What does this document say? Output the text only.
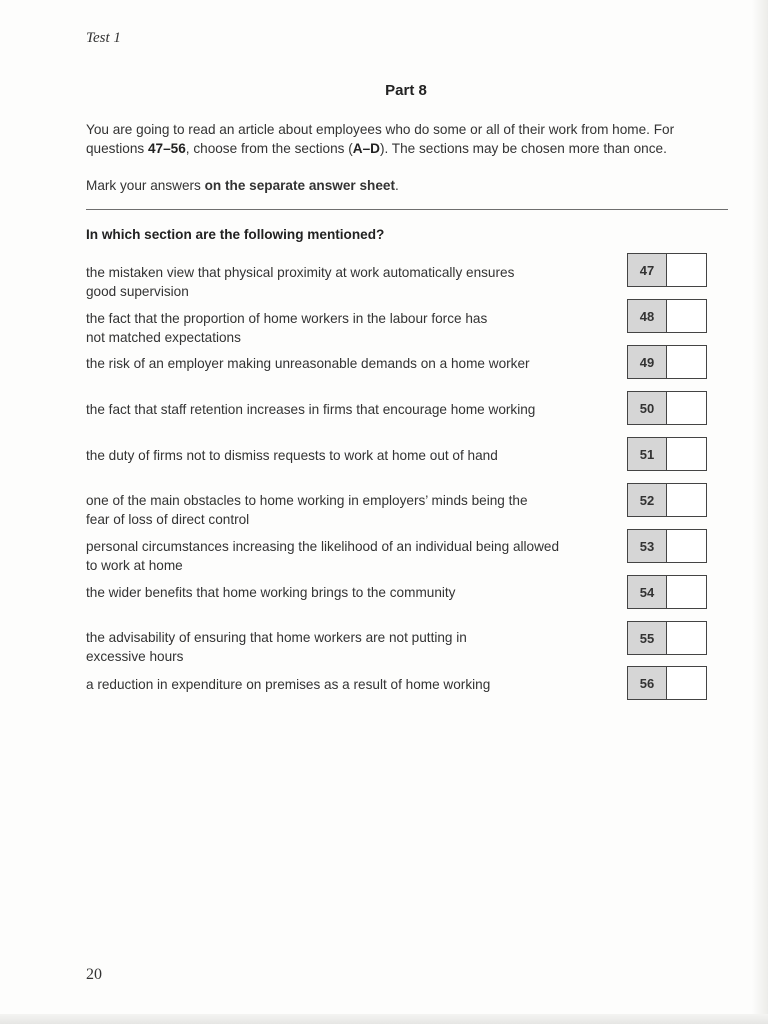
Test 1
Part 8
You are going to read an article about employees who do some or all of their work from home. For questions 47–56, choose from the sections (A–D). The sections may be chosen more than once.
Mark your answers on the separate answer sheet.
In which section are the following mentioned?
the mistaken view that physical proximity at work automatically ensures
good supervision
47
the fact that the proportion of home workers in the labour force has
not matched expectations
48
the risk of an employer making unreasonable demands on a home worker	49
the fact that staff retention increases in firms that encourage home working	50
the duty of firms not to dismiss requests to work at home out of hand	51
one of the main obstacles to home working in employers’ minds being the
fear of loss of direct control
52
personal circumstances increasing the likelihood of an individual being allowed
to work at home
53
the wider benefits that home working brings to the community	54
the advisability of ensuring that home workers are not putting in
excessive hours
55
a reduction in expenditure on premises as a result of home working	56
20
